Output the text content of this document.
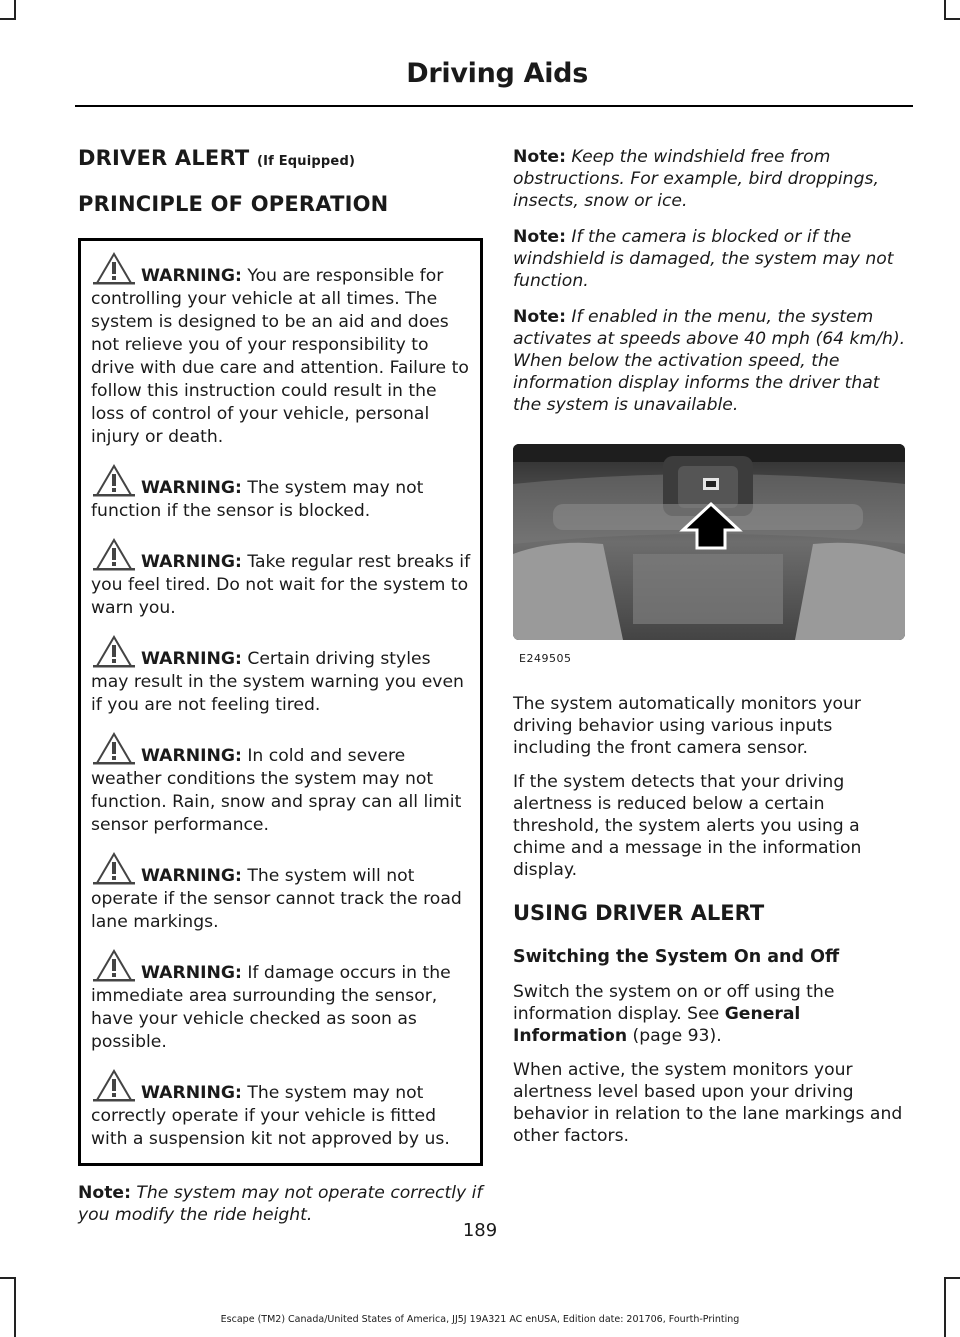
Driving Aids
DRIVER ALERT (If Equipped)
PRINCIPLE OF OPERATION
WARNING: You are responsible for controlling your vehicle at all times. The system is designed to be an aid and does not relieve you of your responsibility to drive with due care and attention. Failure to follow this instruction could result in the loss of control of your vehicle, personal injury or death.
WARNING: The system may not function if the sensor is blocked.
WARNING: Take regular rest breaks if you feel tired. Do not wait for the system to warn you.
WARNING: Certain driving styles may result in the system warning you even if you are not feeling tired.
WARNING: In cold and severe weather conditions the system may not function. Rain, snow and spray can all limit sensor performance.
WARNING: The system will not operate if the sensor cannot track the road lane markings.
WARNING: If damage occurs in the immediate area surrounding the sensor, have your vehicle checked as soon as possible.
WARNING: The system may not correctly operate if your vehicle is fitted with a suspension kit not approved by us.
Note: The system may not operate correctly if you modify the ride height.
Note: Keep the windshield free from obstructions. For example, bird droppings, insects, snow or ice.
Note: If the camera is blocked or if the windshield is damaged, the system may not function.
Note: If enabled in the menu, the system activates at speeds above 40 mph (64 km/h). When below the activation speed, the information display informs the driver that the system is unavailable.
E249505
The system automatically monitors your driving behavior using various inputs including the front camera sensor.
If the system detects that your driving alertness is reduced below a certain threshold, the system alerts you using a chime and a message in the information display.
USING DRIVER ALERT
Switching the System On and Off
Switch the system on or off using the information display. See General Information (page 93).
When active, the system monitors your alertness level based upon your driving behavior in relation to the lane markings and other factors.
189
Escape (TM2) Canada/United States of America, JJ5J 19A321 AC enUSA, Edition date: 201706, Fourth-Printing
